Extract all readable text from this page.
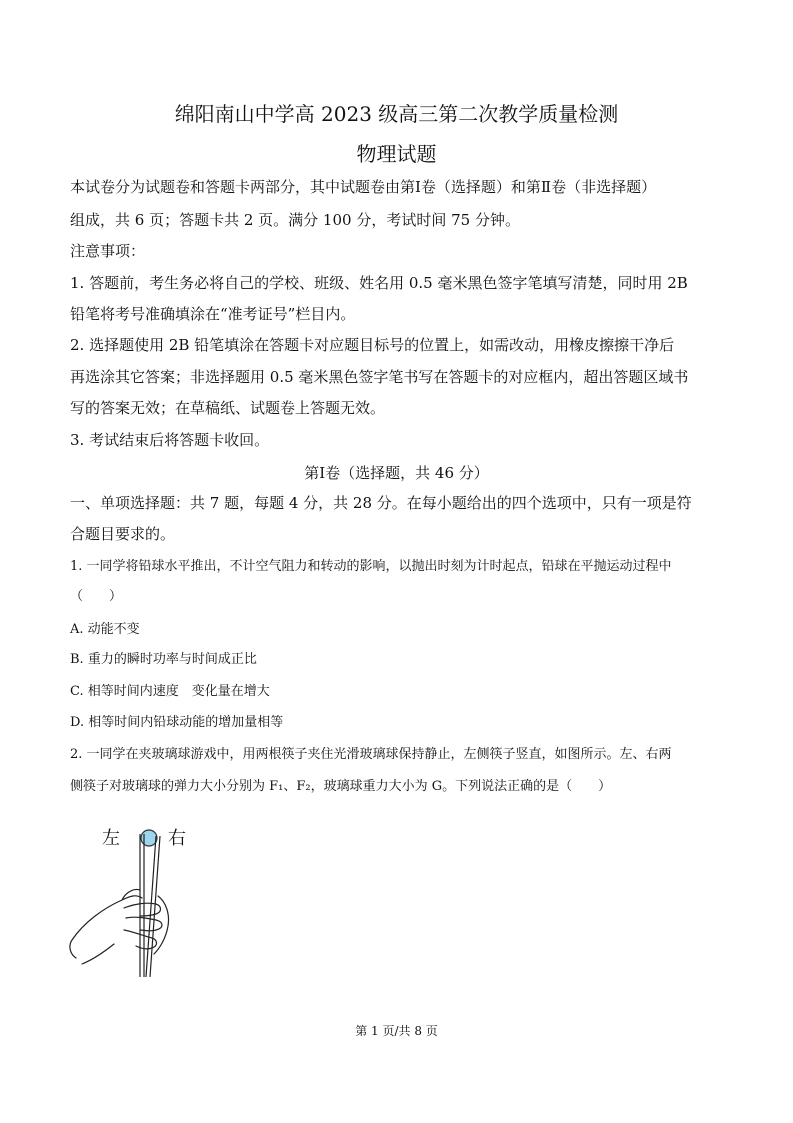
绵阳南山中学高 2023 级高三第二次教学质量检测
物理试题
本试卷分为试题卷和答题卡两部分，其中试题卷由第Ⅰ卷（选择题）和第Ⅱ卷（非选择题）
组成，共 6 页；答题卡共 2 页。满分 100 分，考试时间 75 分钟。
注意事项：
1. 答题前，考生务必将自己的学校、班级、姓名用 0.5 毫米黑色签字笔填写清楚，同时用 2B
铅笔将考号准确填涂在“准考证号”栏目内。
2. 选择题使用 2B 铅笔填涂在答题卡对应题目标号的位置上，如需改动，用橡皮擦擦干净后
再选涂其它答案；非选择题用 0.5 毫米黑色签字笔书写在答题卡的对应框内，超出答题区域书
写的答案无效；在草稿纸、试题卷上答题无效。
3. 考试结束后将答题卡收回。
第Ⅰ卷（选择题，共 46 分）
一、单项选择题：共 7 题，每题 4 分，共 28 分。在每小题给出的四个选项中，只有一项是符
合题目要求的。
1. 一同学将铅球水平推出，不计空气阻力和转动的影响，以抛出时刻为计时起点，铅球在平抛运动过程中
（　　）
A. 动能不变
B. 重力的瞬时功率与时间成正比
C. 相等时间内速度　变化量在增大
D. 相等时间内铅球动能的增加量相等
2. 一同学在夹玻璃球游戏中，用两根筷子夹住光滑玻璃球保持静止，左侧筷子竖直，如图所示。左、右两
侧筷子对玻璃球的弹力大小分别为 F₁、F₂，玻璃球重力大小为 G。下列说法正确的是（　　）
左	右
第 1 页/共 8 页
